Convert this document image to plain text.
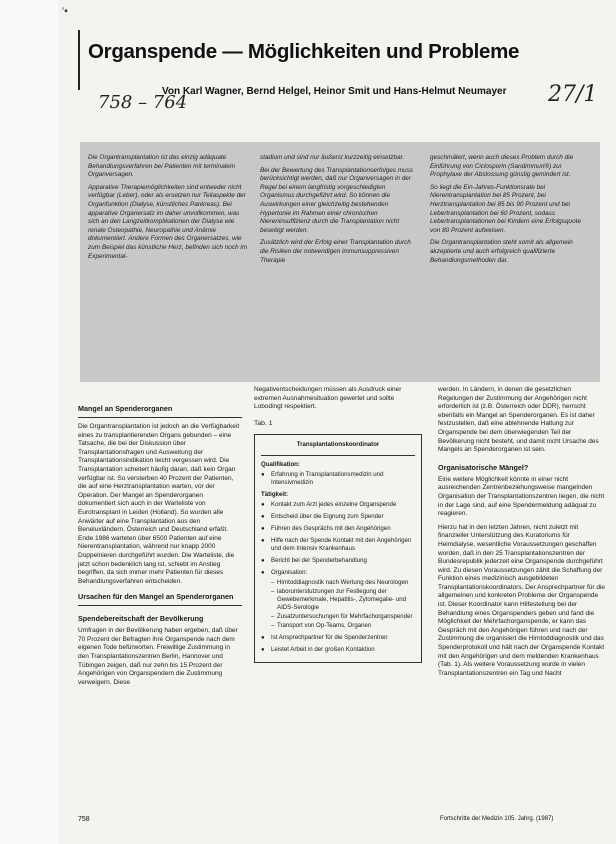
‘▪
Organspende — Möglichkeiten und Probleme
758 – 764
Von Karl Wagner, Bernd Helgel, Heinor Smit und Hans-Helmut Neumayer 27/1

Die Organtransplantation ist das einzig adäquate Behandlungsverfahren bei Patienten mit terminalem Organversagen.

Apparative Therapiemöglichkeiten sind entweder nicht verfügbar (Leber), oder als ersetzen nur Teilaspekte der Organfunktion (Dialyse, künstliches Pankreas). Bei apparative Organersatz im daher unvollkommen, was sich an den Langzeitkomplikationen der Dialyse wie renale Osteopathie, Neuropathie und Anämie dokumentiert. Andere Formen des Organersatzes, wie zum Beispiel das künstliche Herz, befinden sich noch im Experimental-

stadium und sind nur äußerst kurzzeitig einsetzbar.

Bei der Bewertung des Transplantationserfolges muss berücksichtigt werden, daß nur Organversagen in der Regel bei einem langfristig vorgeschiedigten Organismus durchgeführt wird. So können die Auswirkungen einer gleichzeitig bestehenden Hypertonie im Rahmen einer chronischen Niereninsuffizienz durch die Transplantation nicht beseitigt werden.

Zusätzlich wird der Erfolg einer Transplantation durch die Risiken der notwendigen immunsuppressiven Therapie

geschmälert, wenn auch dieses Problem durch die Einführung von Ciclosporin (Sandimmun®) zur Prophylaxe der Abstossung günstig gemindert ist.

So liegt die Ein-Jahres-Funktionsrate bei Nierentransplantation bei 85 Prozent, bei Herztransplantation bei 85 bis 90 Prozent und bei Lebertransplantation bei 60 Prozent, sodass Lebertransplantationen bei Kindern eine Erfolgsquote von 80 Prozent aufweisen.

Die Organtransplantation steht somit als allgemein akzeptierte und auch erfolgreich qualifizierte Behandlungsmethoden dar.

Mangel an Spenderorganen

Die Organtransplantation ist jedoch an die Verfügbarkeit eines zu transplantierenden Organs gebunden – eine Tatsache, die bei der Diskussion über Transplantationsfragen und Ausweitung der Transplantationsindikation leicht vergessen wird. Die Transplantation scheitert häufig daran, daß kein Organ verfügbar ist. So versterben 40 Prozent der Patienten, die auf eine Herztransplantation warten, vor der Operation. Der Mangel an Spenderorganen dokumentiert sich auch in der Warteliste von Eurotransplant in Leiden (Holland). So wurden alle Anwärter auf eine Transplantation aus den Beneluxländern, Österreich und Deutschland erfaßt. Ende 1986 warteten über 6500 Patienten auf eine Nierentransplantation, während nur knapp 2000 Doppelnieren durchgeführt wurden. Die Warteliste, die jetzt schon bedenklich lang ist, schiebt im Anstieg begriffen, da sich immer mehr Patienten für dieses Behandlungsverfahren entscheiden.

Ursachen für den Mangel an Spenderorganen
Spendebereitschaft der Bevölkerung

Umfragen in der Bevölkerung haben ergeben, daß über 70 Prozent der Befragten ihre Organspende nach dem eigenen Tode befürworten. Freiwillige Zustimmung in den Transplantationszentren Berlin, Hannover und Tübingen zeigen, daß nur zehn bis 15 Prozent der Angehörigen von Organspendern die Zustimmung verweigern. Diese

Negativentscheidungen müssen als Ausdruck einer extremen Ausnahmesituation gewertet und sollte Lobodingt respektiert.

Tab. 1
Transplantationskoordinator
Qualifikation:
● Erfahrung in Transplantationsmedizin und Intensivmedizin
Tätigkeit:
● Kontakt zum Arzt jedes einzelne Organspende
● Entscheid über die Eignung zum Spender
● Führen des Gesprächs mit den Angehörigen
● Hilfe nach der Spende Kontakt mit den Angehörigen und dem Intensiv Krankenhaus
● Bericht bei der Spenderbehandlung
● Organisation:
– Hirntoddiagnostik nach Wertung des Neurologen
– laborunterstutzungen zur Festlegung der Gewebemerkmale, Hepatitis-, Zytomegalie- und AIDS-Serologie
– Zusatzuntersuchungen für Mehrfachorganspender
– Transport von Op-Teams, Organen
● Ist Ansprechpartner für die Spenderzentren
● Leistet Arbeit in der großen Kontaktion

werden. In Ländern, in denen die gesetzlichen Regelungen der Zustimmung der Angehörigen nicht erforderlich ist (z.B. Österreich oder DDR), herrscht ebenfalls ein Mangel an Spenderorganen. Es ist daher festzustellen, daß eine ablehnende Haltung zur Organspende bei dem überwiegenden Teil der Bevölkerung nicht besteht, und damit nicht Ursache des Mangels an Spenderorganen ist sein.

Organisatorische Mängel?

Eine weitere Möglichkeit könnte in einer nicht ausreichenden Zentrenbeziehungsweise mangelnden Organisation der Transplantationszentren liegen, die nicht in der Lage sind, auf eine Spendermeldung adäquat zu reagieren.

Hierzu hat in den letzten Jahren, nicht zuletzt mit finanzieller Unterstützung des Kuratoriums für Heimdialyse, wesentliche Voraussetzungen geschaffen worden, daß in den 25 Transplantationszentren der Bundesrepublik jederzeit eine Organspende durchgeführt wird. Zu diesen Voraussetzungen zählt die Schaffung der Funktion eines medizinisch ausgebildeten Transplantationskoordinators. Der Ansprechpartner für die allgemeinen und konkreten Probleme der Organspende ist. Dieser Koordinator kann Hilfestellung bei der Behandlung eines Organspenders geben und fand die Möglichkeit der Mehrfachorganspende, er kann das Gespräch mit den Angehörigen führen und nach der Zustimmung die organisiert die Hirntoddiagnostik und das Spenderprotokoll und hält nach der Organspende Kontakt mit den Angehörigen und dem meldenden Krankenhaus (Tab. 1). Als weitere Voraussetzung wurde in vielen Transplantationszentren ein Tag und Nacht

758	Fortschritte der Medizin 105. Jahrg. (1987)
